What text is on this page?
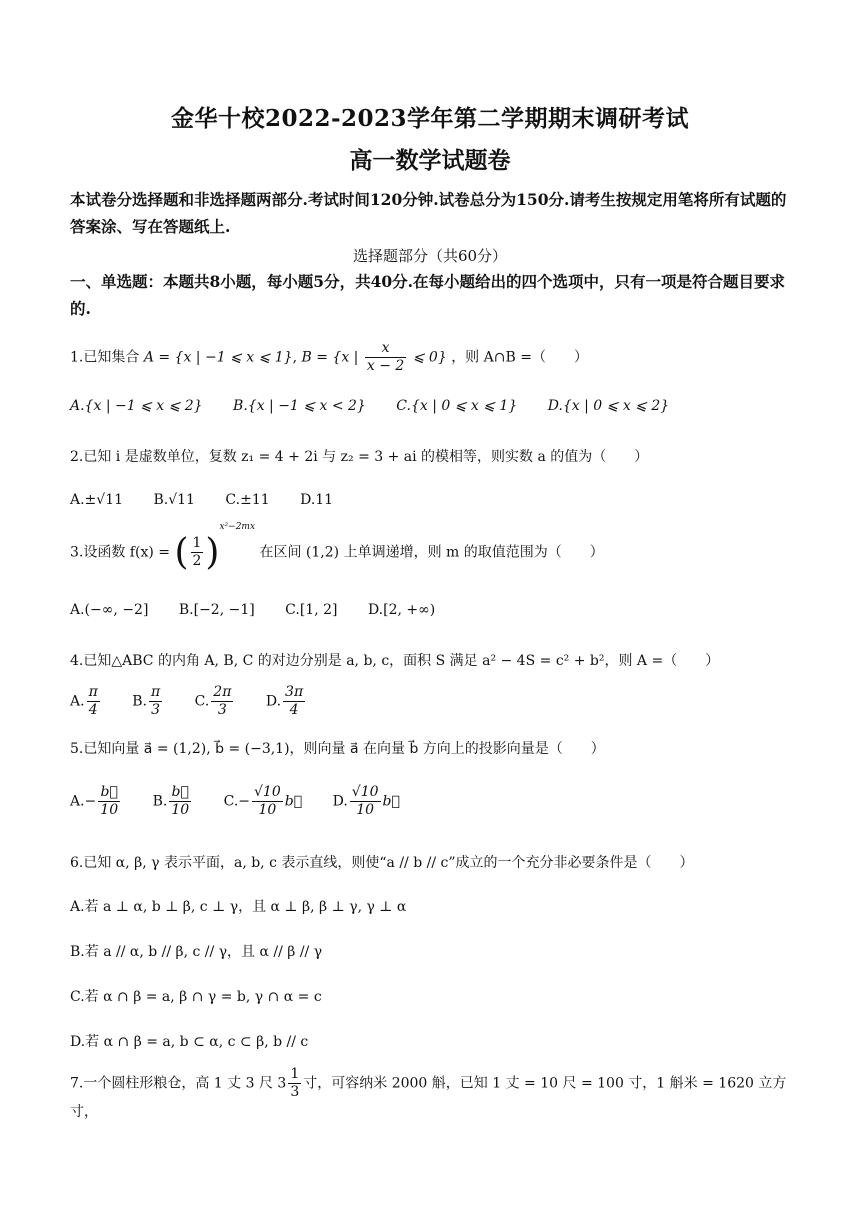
金华十校2022-2023学年第二学期期末调研考试
高一数学试题卷
本试卷分选择题和非选择题两部分.考试时间120分钟.试卷总分为150分.请考生按规定用笔将所有试题的答案涂、写在答题纸上.
选择题部分（共60分）
一、单选题：本题共8小题，每小题5分，共40分.在每小题给出的四个选项中，只有一项是符合题目要求的.
1.已知集合 A = {x | −1 ⩽ x ⩽ 1}, B = {x | $\frac{x}{x - 2}$ ⩽ 0} ，则 A∩B =（　　）
A.{x | −1 ⩽ x ⩽ 2} B.{x | −1 ⩽ x < 2} C.{x | 0 ⩽ x ⩽ 1} D.{x | 0 ⩽ x ⩽ 2}
2.已知 i 是虚数单位，复数 z₁ = 4 + 2i 与 z₂ = 3 + ai 的模相等，则实数 a 的值为（　　）
A.±√11 B.√11 C.±11 D.11
3.设函数 f(x) = ( $\frac{1}{2} )^{x^2-2mx}$ 在区间 (1,2) 上单调递增，则 m 的取值范围为（　　）
A.(−∞, −2] B.[−2, −1] C.[1, 2] D.[2, +∞)
4.已知△ABC 的内角 A, B, C 的对边分别是 a, b, c，面积 S 满足 a² − 4S = c² + b²，则 A =（　　）
A. $\frac{\pi}{4} B$. $\frac{\pi}{3} C$. $\frac{2\pi}{3} D$. $\frac{3\pi}{4}$
5.已知向量 a⃗ = (1,2), b⃗ = (−3,1)，则向量 a⃗ 在向量 b⃗ 方向上的投影向量是（　　）
$A.- \frac{b⃗}{10} B$. $\frac{b⃗}{10} C.- \frac{√10}{10}$ b⃗ D. $\frac{√10}{10}$ b⃗
6.已知 α, β, γ 表示平面，a, b, c 表示直线，则使“a // b // c”成立的一个充分非必要条件是（　　）
A.若 a ⊥ α, b ⊥ β, c ⊥ γ，且 α ⊥ β, β ⊥ γ, γ ⊥ α
B.若 a // α, b // β, c // γ，且 α // β // γ
C.若 α ∩ β = a, β ∩ γ = b, γ ∩ α = c
D.若 α ∩ β = a, b ⊂ α, c ⊂ β, b // c
7.一个圆柱形粮仓，高 1 丈 3 尺 $3 \frac{1}{3}$ 寸，可容纳米 2000 斛，已知 1 丈 = 10 尺 = 100 寸，1 斛米 = 1620 立方寸，
